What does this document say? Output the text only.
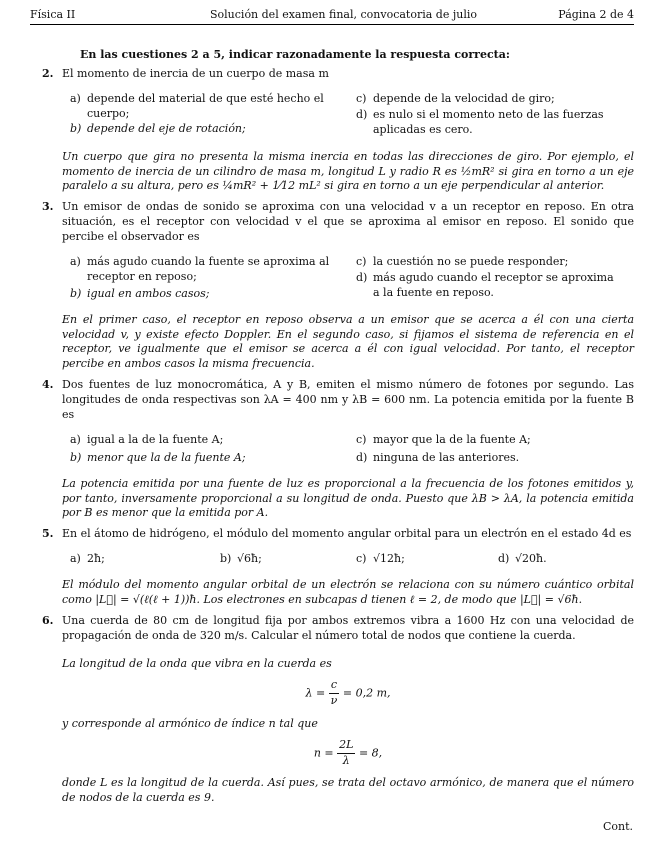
Física II	Solución del examen final, convocatoria de julio	Página 2 de 4
En las cuestiones 2 a 5, indicar razonadamente la respuesta correcta:
2. El momento de inercia de un cuerpo de masa m
a) depende del material de que esté hecho el cuerpo;
b) depende del eje de rotación;
c) depende de la velocidad de giro;
d) es nulo si el momento neto de las fuerzas aplicadas es cero.
Un cuerpo que gira no presenta la misma inercia en todas las direcciones de giro. Por ejemplo, el momento de inercia de un cilindro de masa m, longitud L y radio R es ½mR² si gira en torno a un eje paralelo a su altura, pero es ¼mR² + 1⁄12 mL² si gira en torno a un eje perpendicular al anterior.
3. Un emisor de ondas de sonido se aproxima con una velocidad v a un receptor en reposo. En otra situación, es el receptor con velocidad v el que se aproxima al emisor en reposo. El sonido que percibe el observador es
a) más agudo cuando la fuente se aproxima al receptor en reposo;
b) igual en ambos casos;
c) la cuestión no se puede responder;
d) más agudo cuando el receptor se aproxima a la fuente en reposo.
En el primer caso, el receptor en reposo observa a un emisor que se acerca a él con una cierta velocidad v, y existe efecto Doppler. En el segundo caso, si fijamos el sistema de referencia en el receptor, ve igualmente que el emisor se acerca a él con igual velocidad. Por tanto, el receptor percibe en ambos casos la misma frecuencia.
4. Dos fuentes de luz monocromática, A y B, emiten el mismo número de fotones por segundo. Las longitudes de onda respectivas son λA = 400 nm y λB = 600 nm. La potencia emitida por la fuente B es
a) igual a la de la fuente A;
b) menor que la de la fuente A;
c) mayor que la de la fuente A;
d) ninguna de las anteriores.
La potencia emitida por una fuente de luz es proporcional a la frecuencia de los fotones emitidos y, por tanto, inversamente proporcional a su longitud de onda. Puesto que λB > λA, la potencia emitida por B es menor que la emitida por A.
5. En el átomo de hidrógeno, el módulo del momento angular orbital para un electrón en el estado 4d es
a) 2ħ;	b) √6ħ;	c) √12ħ;	d) √20ħ.
El módulo del momento angular orbital de un electrón se relaciona con su número cuántico orbital como |L⃗| = √(ℓ(ℓ + 1))ħ. Los electrones en subcapas d tienen ℓ = 2, de modo que |L⃗| = √6ħ.
6. Una cuerda de 80 cm de longitud fija por ambos extremos vibra a 1600 Hz con una velocidad de propagación de onda de 320 m/s. Calcular el número total de nodos que contiene la cuerda.
La longitud de la onda que vibra en la cuerda es
$\lambda = \frac{c}{\nu} = 0,2$ m,
y corresponde al armónico de índice n tal que
$n = \frac{2L}{\lambda} = 8$,
donde L es la longitud de la cuerda. Así pues, se trata del octavo armónico, de manera que el número de nodos de la cuerda es 9.
Cont.
